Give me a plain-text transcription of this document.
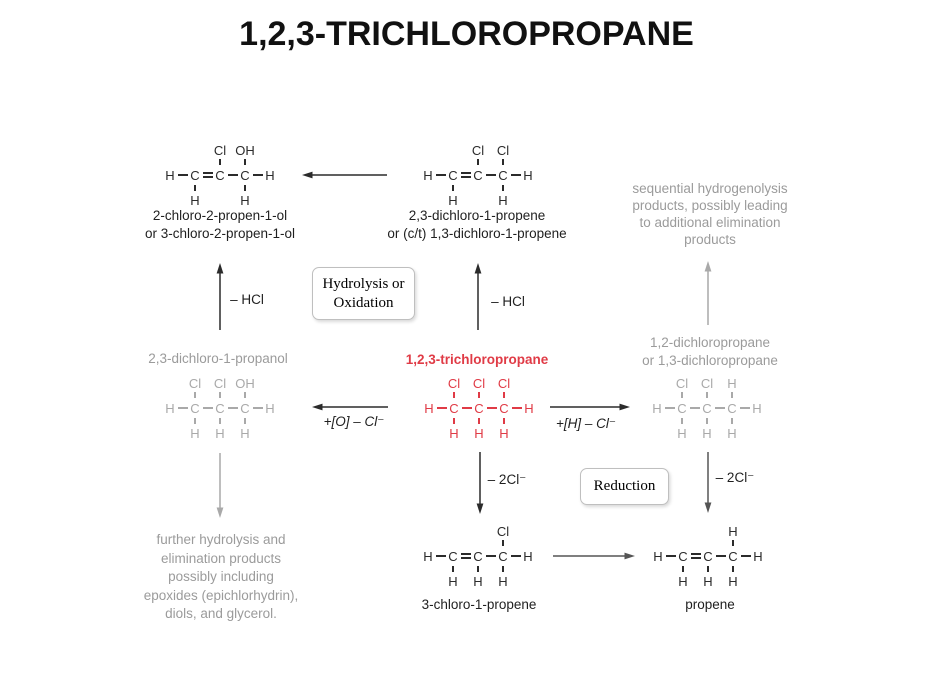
1,2,3-TRICHLOROPROPANE
Cl OH
H C C C H
H	H
Cl Cl
H C C C H
H	H
Cl Cl Cl
H C C C H
H H H
Cl Cl OH
H C C C H
H H H
Cl Cl H
H C C C H
H H H
Cl
H C C C H
H H H
H
H C C C H
H H H
2-chloro-2-propen-1-ol
or 3-chloro-2-propen-1-ol
2,3-dichloro-1-propene
or (c/t) 1,3-dichloro-1-propene
1,2,3-trichloropropane
2,3-dichloro-1-propanol
1,2-dichloropropane
or 1,3-dichloropropane
3-chloro-1-propene	propene
– HCl	– HCl
+[O] – Cl⁻	+[H] – Cl⁻
– 2Cl⁻	– 2Cl⁻
sequential hydrogenolysis
products, possibly leading
to additional elimination
products
further hydrolysis and
elimination products
possibly including
epoxides (epichlorhydrin),
diols, and glycerol.
Hydrolysis or
Oxidation
Reduction
